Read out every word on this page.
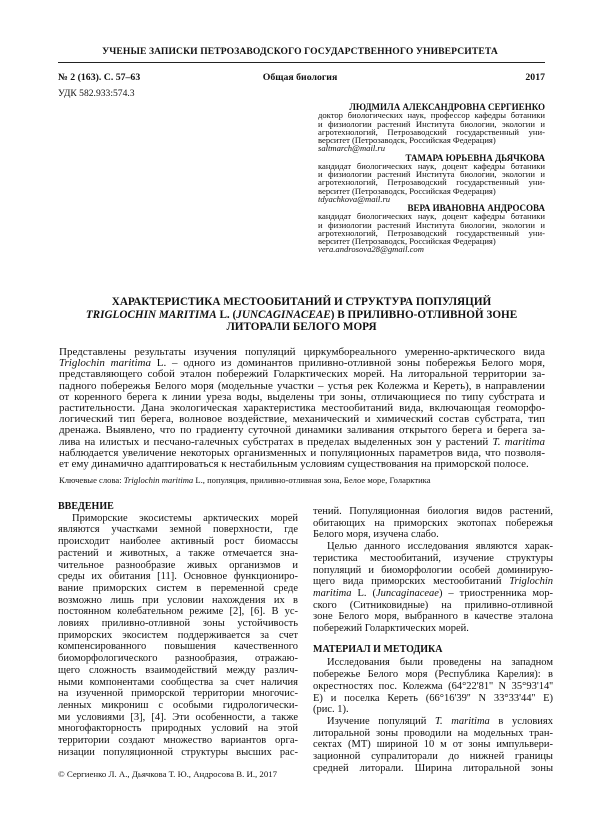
УЧЕНЫЕ ЗАПИСКИ ПЕТРОЗАВОДСКОГО ГОСУДАРСТВЕННОГО УНИВЕРСИТЕТА
№ 2 (163). С. 57–63	Общая биология	2017
УДК 582.933:574.3
ЛЮДМИЛА АЛЕКСАНДРОВНА СЕРГИЕНКО
доктор биологических наук, профессор кафедры ботаники
и физиологии растений Института биологии, экологии и
агротехнологий, Петрозаводский государственный уни-
верситет (Петрозаводск, Российская Федерация)
saltmarch@mail.ru
ТАМАРА ЮРЬЕВНА ДЬЯЧКОВА
кандидат биологических наук, доцент кафедры ботаники
и физиологии растений Института биологии, экологии и
агротехнологий, Петрозаводский государственный уни-
верситет (Петрозаводск, Российская Федерация)
tdyachkova@mail.ru
ВЕРА ИВАНОВНА АНДРОСОВА
кандидат биологических наук, доцент кафедры ботаники
и физиологии растений Института биологии, экологии и
агротехнологий, Петрозаводский государственный уни-
верситет (Петрозаводск, Российская Федерация)
vera.androsova28@gmail.com
ХАРАКТЕРИСТИКА МЕСТООБИТАНИЙ И СТРУКТУРА ПОПУЛЯЦИЙ
TRIGLOCHIN MARITIMA L. (JUNCAGINACEAE) В ПРИЛИВНО-ОТЛИВНОЙ ЗОНЕ
ЛИТОРАЛИ БЕЛОГО МОРЯ
Представлены результаты изучения популяций циркумбореального умеренно-арктического вида
Triglochin maritima L. – одного из доминантов приливно-отливной зоны побережья Белого моря,
представляющего собой эталон побережий Голарктических морей. На литоральной территории за-
падного побережья Белого моря (модельные участки – устья рек Колежма и Кереть), в направлении
от коренного берега к линии уреза воды, выделены три зоны, отличающиеся по типу субстрата и
растительности. Дана экологическая характеристика местообитаний вида, включающая геоморфо-
логический тип берега, волновое воздействие, механический и химический состав субстрата, тип
дренажа. Выявлено, что по градиенту суточной динамики заливания открытого берега и берега за-
лива на илистых и песчано-галечных субстратах в пределах выделенных зон у растений T. maritima
наблюдается увеличение некоторых организменных и популяционных параметров вида, что позволя-
ет ему динамично адаптироваться к нестабильным условиям существования на приморской полосе.
Ключевые слова: Triglochin maritima L., популяция, приливно-отливная зона, Белое море, Голарктика
ВВЕДЕНИЕ
Приморские экосистемы арктических морей
являются участками земной поверхности, где
происходит наиболее активный рост биомассы
растений и животных, а также отмечается зна-
чительное разнообразие живых организмов и
среды их обитания [11]. Основное функциониро-
вание приморских систем в переменной среде
возможно лишь при условии нахождения их в
постоянном колебательном режиме [2], [6]. В ус-
ловиях приливно-отливной зоны устойчивость
приморских экосистем поддерживается за счет
компенсированного повышения качественного
биоморфологического разнообразия, отражаю-
щего сложность взаимодействий между различ-
ными компонентами сообщества за счет наличия
на изученной приморской территории многочис-
ленных микрониш с особыми гидрологически-
ми условиями [3], [4]. Эти особенности, а также
многофакторность природных условий на этой
территории создают множество вариантов орга-
низации популяционной структуры высших рас-
тений. Популяционная биология видов растений,
обитающих на приморских экотопах побережья
Белого моря, изучена слабо.
Целью данного исследования являются харак-
теристика местообитаний, изучение структуры
популяций и биоморфологии особей доминирую-
щего вида приморских местообитаний Triglochin
maritima L. (Juncaginaceae) – триостренника мор-
ского (Ситниковидные) на приливно-отливной
зоне Белого моря, выбранного в качестве эталона
побережий Голарктических морей.
МАТЕРИАЛ И МЕТОДИКА
Исследования были проведены на западном
побережье Белого моря (Республика Карелия): в
окрестностях пос. Колежма (64°22'81'' N 35°93'14''
E) и поселка Кереть (66°16'39'' N 33°33'44'' E)
(рис. 1).
Изучение популяций T. maritima в условиях
литоральной зоны проводили на модельных тран-
сектах (МТ) шириной 10 м от зоны импульвери-
зационной супралиторали до нижней границы
средней литорали. Ширина литоральной зоны
© Сергиенко Л. А., Дьячкова Т. Ю., Андросова В. И., 2017
